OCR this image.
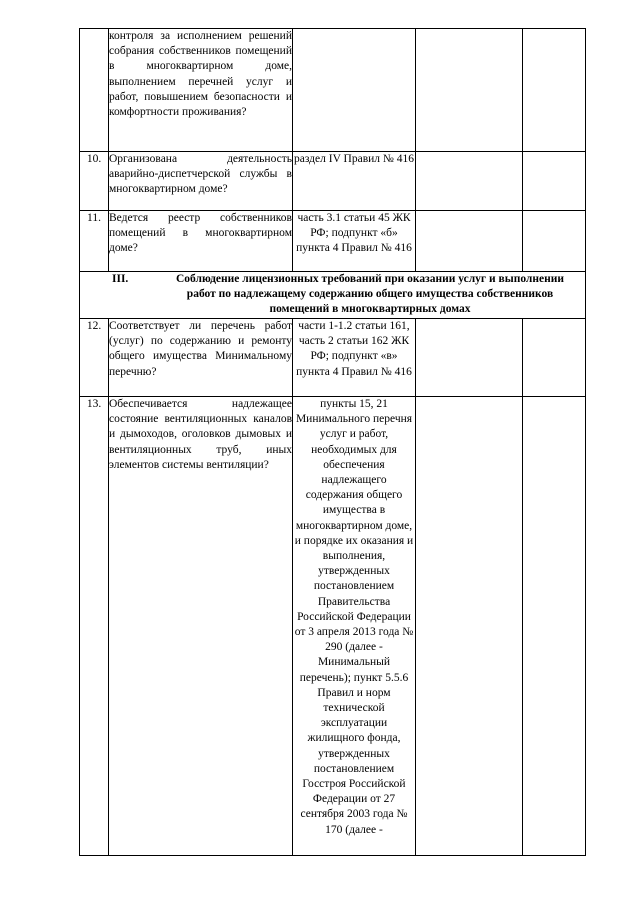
	контроля за исполнением решений собрания собственников помещений в многоквартирном доме, выполнением перечней услуг и работ, повышением безопасности и комфортности проживания?			
10.	Организована деятельность аварийно-диспетчерской службы в многоквартирном доме?	раздел IV Правил № 416		
11.	Ведется реестр собственников помещений в многоквартирном доме?	часть 3.1 статьи 45 ЖК РФ; подпункт «б» пункта 4 Правил № 416		

III. Соблюдение лицензионных требований при оказании услуг и выполнении
работ по надлежащему содержанию общего имущества собственников
помещений в многоквартирных домах				

12.	Соответствует ли перечень работ (услуг) по содержанию и ремонту общего имущества Минимальному перечню?	части 1-1.2 статьи 161, часть 2 статьи 162 ЖК РФ; подпункт «в» пункта 4 Правил № 416		
13.	Обеспечивается надлежащее состояние вентиляционных каналов и дымоходов, оголовков дымовых и вентиляционных труб, иных элементов системы вентиляции?	пункты 15, 21 Минимального перечня услуг и работ, необходимых для обеспечения надлежащего содержания общего имущества в многоквартирном доме, и порядке их оказания и выполнения, утвержденных постановлением Правительства Российской Федерации от 3 апреля 2013 года № 290 (далее - Минимальный перечень); пункт 5.5.6 Правил и норм технической эксплуатации жилищного фонда, утвержденных постановлением Госстроя Российской Федерации от 27 сентября 2003 года № 170 (далее -		
